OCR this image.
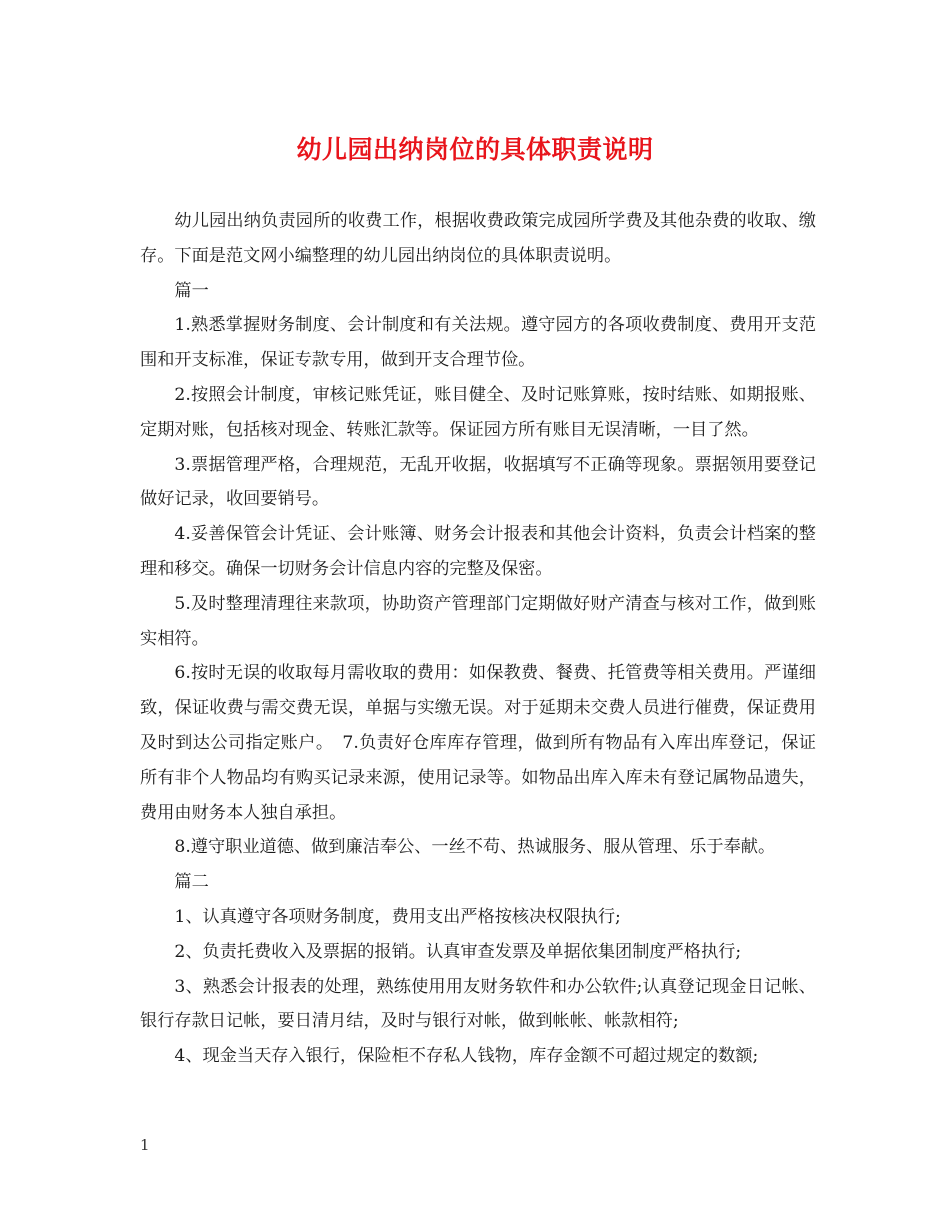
幼儿园出纳岗位的具体职责说明

幼儿园出纳负责园所的收费工作，根据收费政策完成园所学费及其他杂费的收取、缴存。下面是范文网小编整理的幼儿园出纳岗位的具体职责说明。

篇一

1.熟悉掌握财务制度、会计制度和有关法规。遵守园方的各项收费制度、费用开支范围和开支标准，保证专款专用，做到开支合理节俭。

2.按照会计制度，审核记账凭证，账目健全、及时记账算账，按时结账、如期报账、定期对账，包括核对现金、转账汇款等。保证园方所有账目无误清晰，一目了然。

3.票据管理严格，合理规范，无乱开收据，收据填写不正确等现象。票据领用要登记做好记录，收回要销号。

4.妥善保管会计凭证、会计账簿、财务会计报表和其他会计资料，负责会计档案的整理和移交。确保一切财务会计信息内容的完整及保密。

5.及时整理清理往来款项，协助资产管理部门定期做好财产清查与核对工作，做到账实相符。

6.按时无误的收取每月需收取的费用：如保教费、餐费、托管费等相关费用。严谨细致，保证收费与需交费无误，单据与实缴无误。对于延期未交费人员进行催费，保证费用及时到达公司指定账户。　7.负责好仓库库存管理，做到所有物品有入库出库登记，保证所有非个人物品均有购买记录来源，使用记录等。如物品出库入库未有登记属物品遗失，费用由财务本人独自承担。

8.遵守职业道德、做到廉洁奉公、一丝不苟、热诚服务、服从管理、乐于奉献。

篇二

1、认真遵守各项财务制度，费用支出严格按核决权限执行;

2、负责托费收入及票据的报销。认真审查发票及单据依集团制度严格执行;

3、熟悉会计报表的处理，熟练使用用友财务软件和办公软件;认真登记现金日记帐、银行存款日记帐，要日清月结，及时与银行对帐，做到帐帐、帐款相符;

4、现金当天存入银行，保险柜不存私人钱物，库存金额不可超过规定的数额;

1
